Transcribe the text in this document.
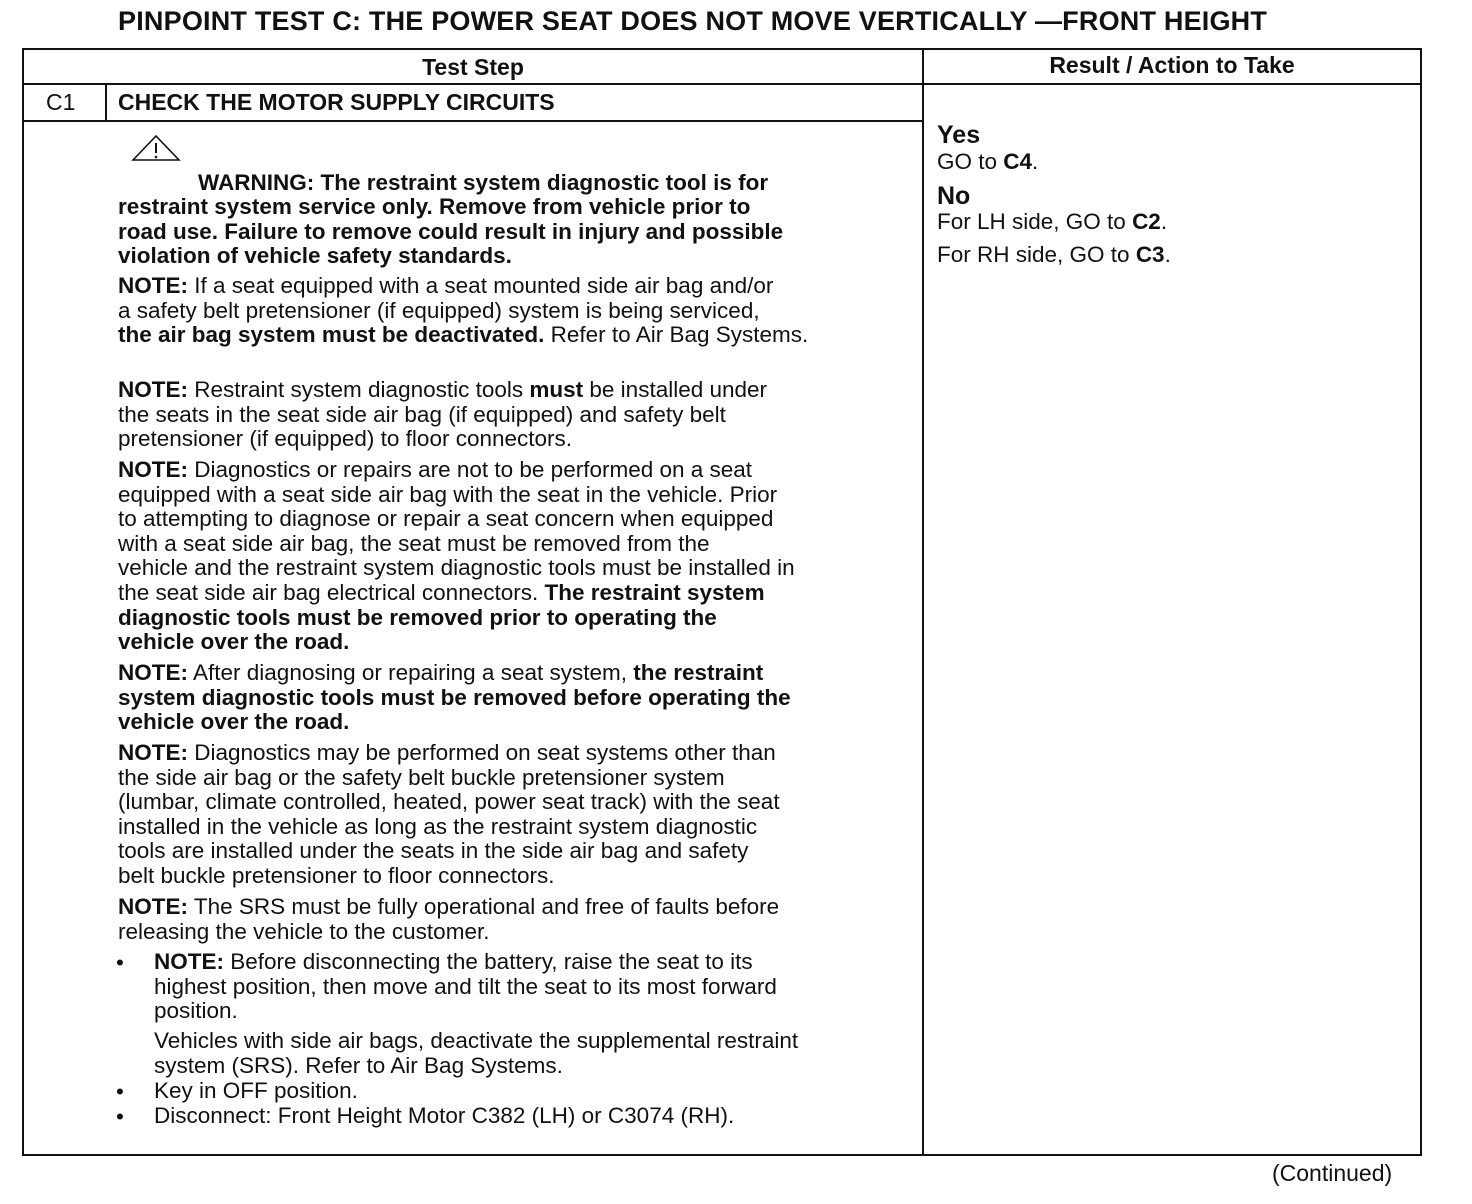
PINPOINT TEST C: THE POWER SEAT DOES NOT MOVE VERTICALLY —FRONT HEIGHT
Test Step	Result / Action to Take
C1 CHECK THE MOTOR SUPPLY CIRCUITS

WARNING: The restraint system diagnostic tool is for
restraint system service only. Remove from vehicle prior to
road use. Failure to remove could result in injury and possible
violation of vehicle safety standards.

NOTE: If a seat equipped with a seat mounted side air bag and/or
a safety belt pretensioner (if equipped) system is being serviced,
the air bag system must be deactivated. Refer to Air Bag Systems.
NOTE: Restraint system diagnostic tools must be installed under
the seats in the seat side air bag (if equipped) and safety belt
pretensioner (if equipped) to floor connectors.
NOTE: Diagnostics or repairs are not to be performed on a seat
equipped with a seat side air bag with the seat in the vehicle. Prior
to attempting to diagnose or repair a seat concern when equipped
with a seat side air bag, the seat must be removed from the
vehicle and the restraint system diagnostic tools must be installed in
the seat side air bag electrical connectors. The restraint system
diagnostic tools must be removed prior to operating the
vehicle over the road.
NOTE: After diagnosing or repairing a seat system, the restraint
system diagnostic tools must be removed before operating the
vehicle over the road.
NOTE: Diagnostics may be performed on seat systems other than
the side air bag or the safety belt buckle pretensioner system
(lumbar, climate controlled, heated, power seat track) with the seat
installed in the vehicle as long as the restraint system diagnostic
tools are installed under the seats in the side air bag and safety
belt buckle pretensioner to floor connectors.
NOTE: The SRS must be fully operational and free of faults before
releasing the vehicle to the customer.
• NOTE: Before disconnecting the battery, raise the seat to its
highest position, then move and tilt the seat to its most forward
position.
Vehicles with side air bags, deactivate the supplemental restraint
system (SRS). Refer to Air Bag Systems.
• Key in OFF position.
• Disconnect: Front Height Motor C382 (LH) or C3074 (RH).
Yes
GO to C4.
No
For LH side, GO to C2.
For RH side, GO to C3.
(Continued)
